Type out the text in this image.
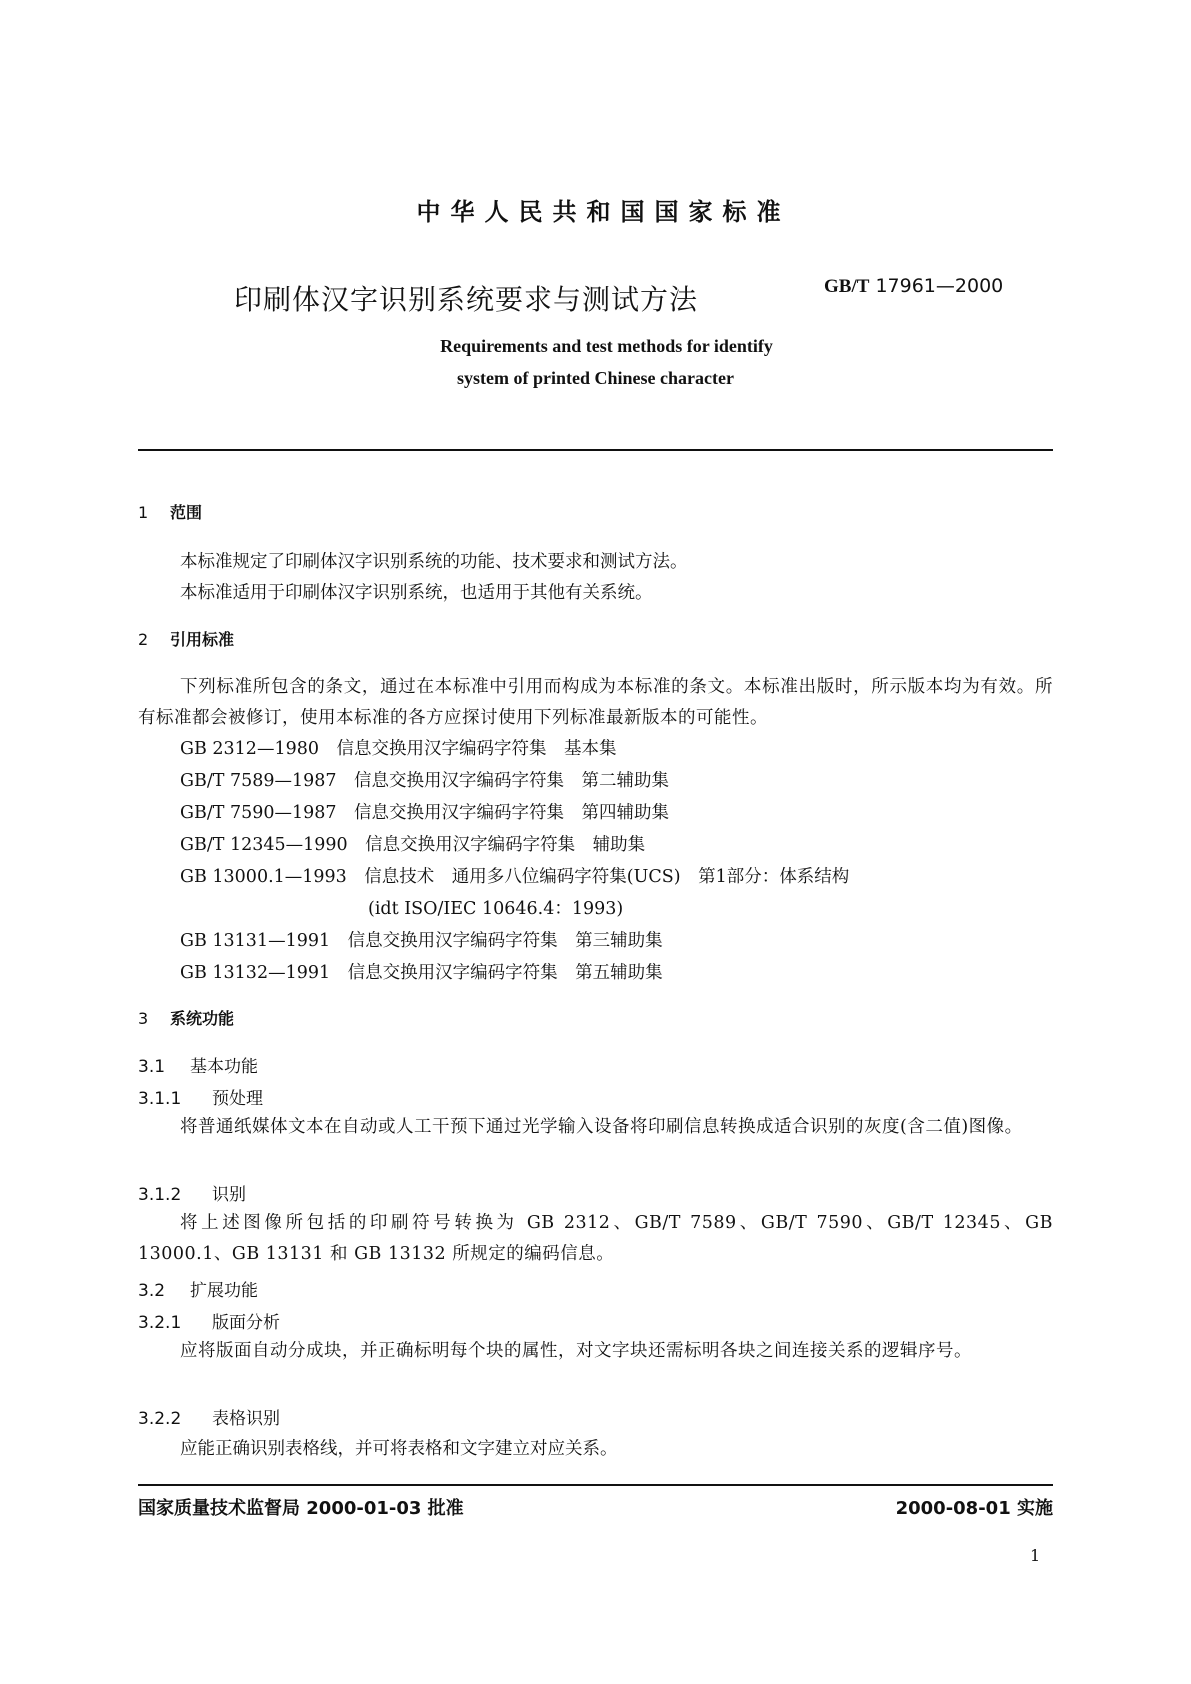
中华人民共和国国家标准
印刷体汉字识别系统要求与测试方法	GB/T 17961—2000
Requirements and test methods for identify
system of printed Chinese character
1 范围
本标准规定了印刷体汉字识别系统的功能、技术要求和测试方法。
本标准适用于印刷体汉字识别系统，也适用于其他有关系统。
2 引用标准
下列标准所包含的条文，通过在本标准中引用而构成为本标准的条文。本标准出版时，所示版本均为有效。所有标准都会被修订，使用本标准的各方应探讨使用下列标准最新版本的可能性。
GB 2312—1980　信息交换用汉字编码字符集　基本集
GB/T 7589—1987　信息交换用汉字编码字符集　第二辅助集
GB/T 7590—1987　信息交换用汉字编码字符集　第四辅助集
GB/T 12345—1990　信息交换用汉字编码字符集　辅助集
GB 13000.1—1993　信息技术　通用多八位编码字符集(UCS)　第1部分：体系结构
(idt ISO/IEC 10646.4：1993)
GB 13131—1991　信息交换用汉字编码字符集　第三辅助集
GB 13132—1991　信息交换用汉字编码字符集　第五辅助集
3 系统功能
3.1 基本功能
3.1.1 预处理
将普通纸媒体文本在自动或人工干预下通过光学输入设备将印刷信息转换成适合识别的灰度(含二值)图像。
3.1.2 识别
将上述图像所包括的印刷符号转换为 GB 2312、GB/T 7589、GB/T 7590、GB/T 12345、GB 13000.1、GB 13131 和 GB 13132 所规定的编码信息。
3.2 扩展功能
3.2.1 版面分析
应将版面自动分成块，并正确标明每个块的属性，对文字块还需标明各块之间连接关系的逻辑序号。
3.2.2 表格识别
应能正确识别表格线，并可将表格和文字建立对应关系。
国家质量技术监督局 2000-01-03 批准	2000-08-01 实施
1
